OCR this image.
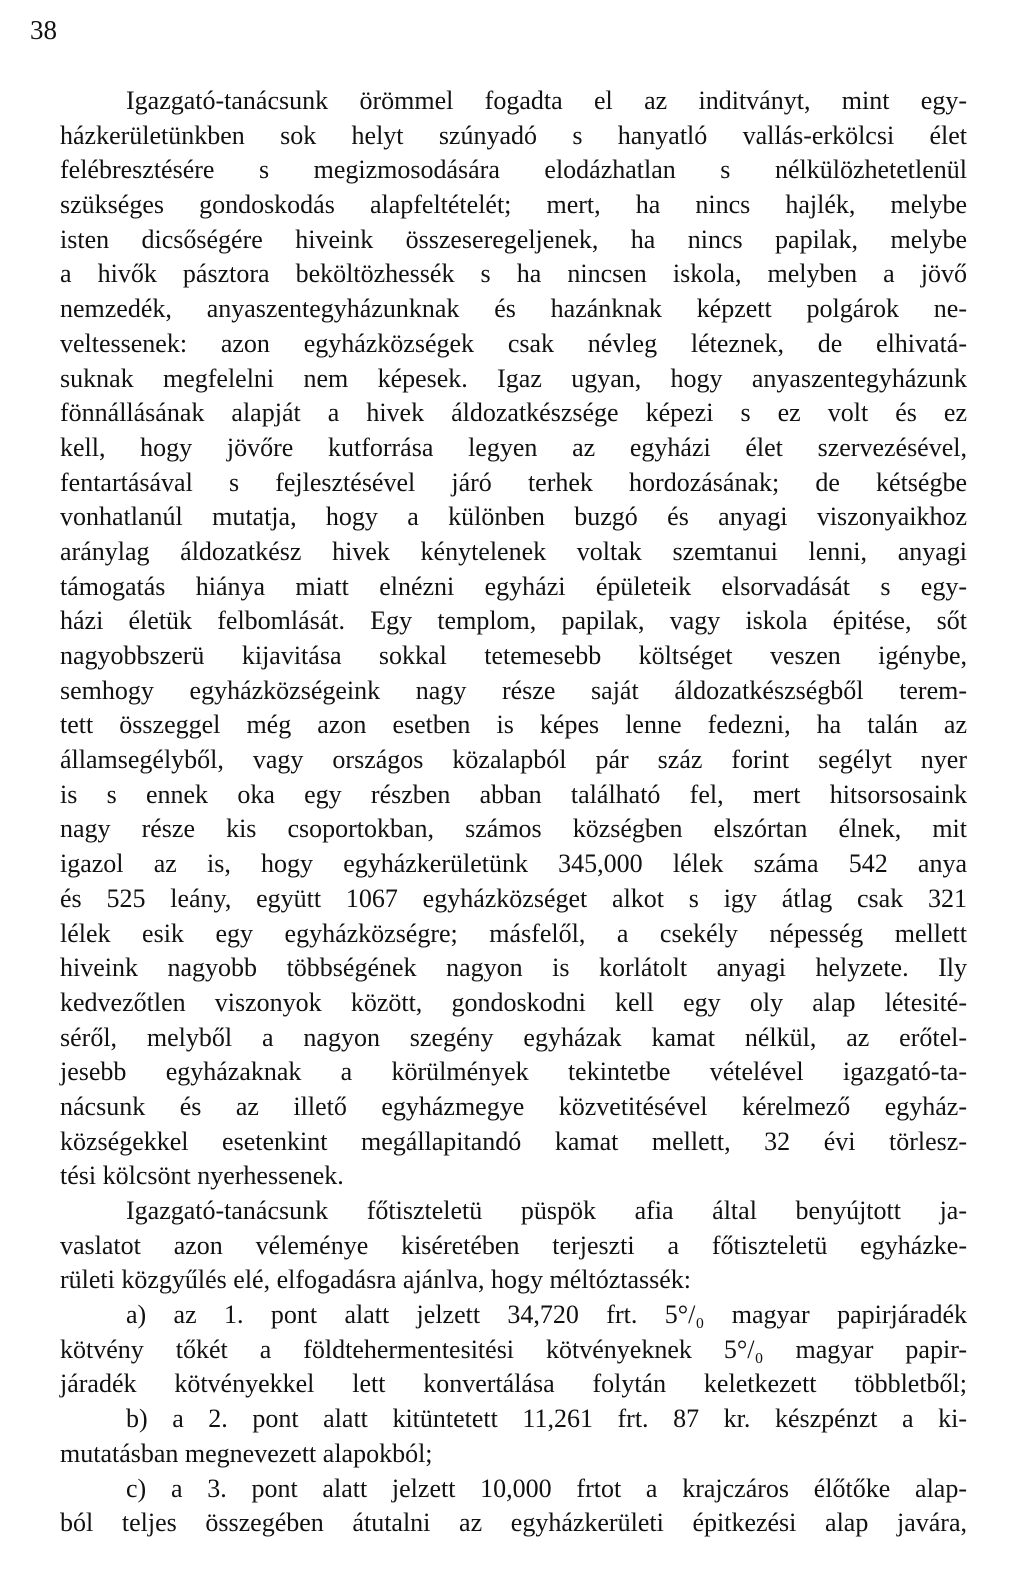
38
Igazgató-tanácsunk örömmel fogadta el az inditványt, mint egy-
házkerületünkben sok helyt szúnyadó s hanyatló vallás-erkölcsi élet
felébresztésére s megizmosodására elodázhatlan s nélkülözhetetlenül
szükséges gondoskodás alapfeltételét; mert, ha nincs hajlék, melybe
isten dicsőségére hiveink összeseregeljenek, ha nincs papilak, melybe
a hivők pásztora beköltözhessék s ha nincsen iskola, melyben a jövő
nemzedék, anyaszentegyházunknak és hazánknak képzett polgárok ne-
veltessenek: azon egyházközségek csak névleg léteznek, de elhivatá-
suknak megfelelni nem képesek. Igaz ugyan, hogy anyaszentegyházunk
fönnállásának alapját a hivek áldozatkészsége képezi s ez volt és ez
kell, hogy jövőre kutforrása legyen az egyházi élet szervezésével,
fentartásával s fejlesztésével járó terhek hordozásának; de kétségbe
vonhatlanúl mutatja, hogy a különben buzgó és anyagi viszonyaikhoz
aránylag áldozatkész hivek kénytelenek voltak szemtanui lenni, anyagi
támogatás hiánya miatt elnézni egyházi épületeik elsorvadását s egy-
házi életük felbomlását. Egy templom, papilak, vagy iskola épitése, sőt
nagyobbszerü kijavitása sokkal tetemesebb költséget veszen igénybe,
semhogy egyházközségeink nagy része saját áldozatkészségből terem-
tett összeggel még azon esetben is képes lenne fedezni, ha talán az
államsegélyből, vagy országos közalapból pár száz forint segélyt nyer
is s ennek oka egy részben abban található fel, mert hitsorsosaink
nagy része kis csoportokban, számos községben elszórtan élnek, mit
igazol az is, hogy egyházkerületünk 345,000 lélek száma 542 anya
és 525 leány, együtt 1067 egyházközséget alkot s igy átlag csak 321
lélek esik egy egyházközségre; másfelől, a csekély népesség mellett
hiveink nagyobb többségének nagyon is korlátolt anyagi helyzete. Ily
kedvezőtlen viszonyok között, gondoskodni kell egy oly alap létesité-
séről, melyből a nagyon szegény egyházak kamat nélkül, az erőtel-
jesebb egyházaknak a körülmények tekintetbe vételével igazgató-ta-
nácsunk és az illető egyházmegye közvetitésével kérelmező egyház-
községekkel esetenkint megállapitandó kamat mellett, 32 évi törlesz-
tési kölcsönt nyerhessenek.
Igazgató-tanácsunk főtiszteletü püspök afia által benyújtott ja-
vaslatot azon véleménye kiséretében terjeszti a főtiszteletü egyházke-
rületi közgyűlés elé, elfogadásra ajánlva, hogy méltóztassék:
a) az 1. pont alatt jelzett 34,720 frt. 5°/₀ magyar papirjáradék
kötvény tőkét a földtehermentesitési kötvényeknek 5°/₀ magyar papir-
járadék kötvényekkel lett konvertálása folytán keletkezett többletből;
b) a 2. pont alatt kitüntetett 11,261 frt. 87 kr. készpénzt a ki-
mutatásban megnevezett alapokból;
c) a 3. pont alatt jelzett 10,000 frtot a krajczáros élőtőke alap-
ból teljes összegében átutalni az egyházkerületi épitkezési alap javára,
